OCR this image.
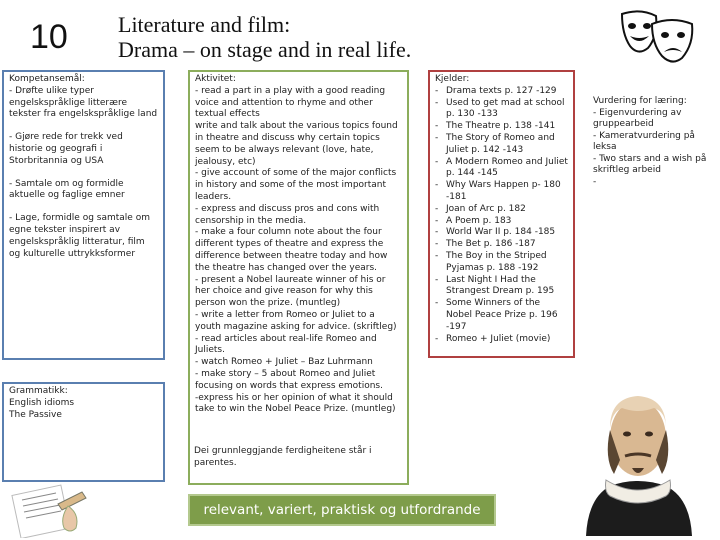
10 Literature and film:
Drama – on stage and in real life.
Kompetansemål:
- Drøfte ulike typer engelskspråklige litterære tekster fra engelskspråklige land
- Gjøre rede for trekk ved historie og geografi i Storbritannia og USA
- Samtale om og formidle aktuelle og faglige emner
- Lage, formidle og samtale om egne tekster inspirert av engelskspråklig litteratur, film og kulturelle uttrykksformer
Grammatikk:
English idioms
The Passive
Aktivitet:
- read a part in a play with a good reading voice and attention to rhyme and other textual effects
write and talk about the various topics found in theatre and discuss why certain topics seem to be always relevant (love, hate, jealousy, etc)
- give account of some of the major conflicts in history and some of the most important leaders.
- express and discuss pros and cons with censorship in the media.
- make a four column note about the four different types of theatre and express the difference between theatre today and how the theatre has changed over the years.
- present a Nobel laureate winner of his or her choice and give reason for why this person won the prize. (muntleg)
- write a letter from Romeo or Juliet to a youth magazine asking for advice. (skriftleg)
- read articles about real-life Romeo and Juliets.
- watch Romeo + Juliet – Baz Luhrmann
- make story – 5 about Romeo and Juliet focusing on words that express emotions.
-express his or her opinion of what it should take to win the Nobel Peace Prize. (muntleg)
Dei grunnleggjande ferdigheitene står i parentes.
Kjelder:
- Drama texts p. 127 -129
- Used to get mad at school p. 130 -133
- The Theatre p. 138 -141
- The Story of Romeo and Juliet p. 142 -143
- A Modern Romeo and Juliet p. 144 -145
- Why Wars Happen p- 180 -181
- Joan of Arc p. 182
- A Poem p. 183
- World War II p. 184 -185
- The Bet p. 186 -187
- The Boy in the Striped Pyjamas p. 188 -192
- Last Night I Had the Strangest Dream p. 195
- Some Winners of the Nobel Peace Prize p. 196 -197
- Romeo + Juliet (movie)
Vurdering for læring:
- Eigenvurdering av gruppearbeid
- Kameratvurdering på leksa
- Two stars and a wish på skriftleg arbeid
-
relevant, variert, praktisk og utfordrande
